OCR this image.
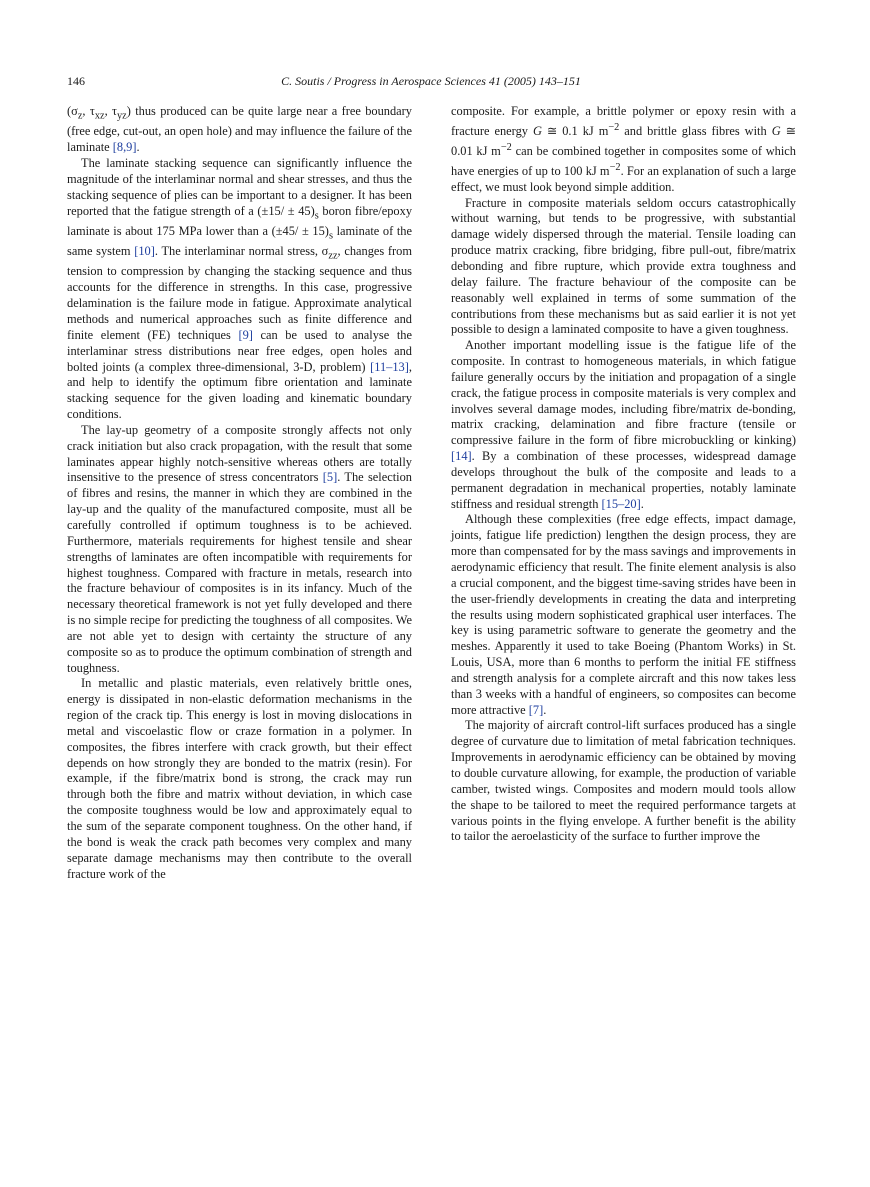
146	C. Soutis / Progress in Aerospace Sciences 41 (2005) 143–151

($\sigma_z$, $\tau_{xz}$, $\tau_{yz}$) thus produced can be quite large near a free boundary (free edge, cut-out, an open hole) and may influence the failure of the laminate [8,9].

The laminate stacking sequence can significantly influence the magnitude of the interlaminar normal and shear stresses, and thus the stacking sequence of plies can be important to a designer. It has been reported that the fatigue strength of a $(\pm 15/ \pm 45)_s$ boron fibre/epoxy laminate is about 175 MPa lower than a $(\pm 45/ \pm 15)_s$ laminate of the same system [10]. The interlaminar normal stress, $\sigma_{zz}$, changes from tension to compression by changing the stacking sequence and thus accounts for the difference in strengths. In this case, progressive delamination is the failure mode in fatigue. Approximate analytical methods and numerical approaches such as finite difference and finite element (FE) techniques [9] can be used to analyse the interlaminar stress distributions near free edges, open holes and bolted joints (a complex three-dimensional, 3-D, problem) [11–13], and help to identify the optimum fibre orientation and laminate stacking sequence for the given loading and kinematic boundary conditions.

The lay-up geometry of a composite strongly affects not only crack initiation but also crack propagation, with the result that some laminates appear highly notch-sensitive whereas others are totally insensitive to the presence of stress concentrators [5]. The selection of fibres and resins, the manner in which they are combined in the lay-up and the quality of the manufactured composite, must all be carefully controlled if optimum toughness is to be achieved. Furthermore, materials requirements for highest tensile and shear strengths of laminates are often incompatible with requirements for highest toughness. Compared with fracture in metals, research into the fracture behaviour of composites is in its infancy. Much of the necessary theoretical framework is not yet fully developed and there is no simple recipe for predicting the toughness of all composites. We are not able yet to design with certainty the structure of any composite so as to produce the optimum combination of strength and toughness.

In metallic and plastic materials, even relatively brittle ones, energy is dissipated in non-elastic deformation mechanisms in the region of the crack tip. This energy is lost in moving dislocations in metal and viscoelastic flow or craze formation in a polymer. In composites, the fibres interfere with crack growth, but their effect depends on how strongly they are bonded to the matrix (resin). For example, if the fibre/matrix bond is strong, the crack may run through both the fibre and matrix without deviation, in which case the composite toughness would be low and approximately equal to the sum of the separate component toughness. On the other hand, if the bond is weak the crack path becomes very complex and many separate damage mechanisms may then contribute to the overall fracture work of the

composite. For example, a brittle polymer or epoxy resin with a fracture energy G ≅ 0.1 kJ $m^{-2}$ and brittle glass fibres with G ≅ 0.01 kJ $m^{-2}$ can be combined together in composites some of which have energies of up to 100 kJ $m^{-2}$. For an explanation of such a large effect, we must look beyond simple addition.

Fracture in composite materials seldom occurs catastrophically without warning, but tends to be progressive, with substantial damage widely dispersed through the material. Tensile loading can produce matrix cracking, fibre bridging, fibre pull-out, fibre/matrix debonding and fibre rupture, which provide extra toughness and delay failure. The fracture behaviour of the composite can be reasonably well explained in terms of some summation of the contributions from these mechanisms but as said earlier it is not yet possible to design a laminated composite to have a given toughness.

Another important modelling issue is the fatigue life of the composite. In contrast to homogeneous materials, in which fatigue failure generally occurs by the initiation and propagation of a single crack, the fatigue process in composite materials is very complex and involves several damage modes, including fibre/matrix de-bonding, matrix cracking, delamination and fibre fracture (tensile or compressive failure in the form of fibre microbuckling or kinking) [14]. By a combination of these processes, widespread damage develops throughout the bulk of the composite and leads to a permanent degradation in mechanical properties, notably laminate stiffness and residual strength [15–20].

Although these complexities (free edge effects, impact damage, joints, fatigue life prediction) lengthen the design process, they are more than compensated for by the mass savings and improvements in aerodynamic efficiency that result. The finite element analysis is also a crucial component, and the biggest time-saving strides have been in the user-friendly developments in creating the data and interpreting the results using modern sophisticated graphical user interfaces. The key is using parametric software to generate the geometry and the meshes. Apparently it used to take Boeing (Phantom Works) in St. Louis, USA, more than 6 months to perform the initial FE stiffness and strength analysis for a complete aircraft and this now takes less than 3 weeks with a handful of engineers, so composites can become more attractive [7].

The majority of aircraft control-lift surfaces produced has a single degree of curvature due to limitation of metal fabrication techniques. Improvements in aerodynamic efficiency can be obtained by moving to double curvature allowing, for example, the production of variable camber, twisted wings. Composites and modern mould tools allow the shape to be tailored to meet the required performance targets at various points in the flying envelope. A further benefit is the ability to tailor the aeroelasticity of the surface to further improve the
